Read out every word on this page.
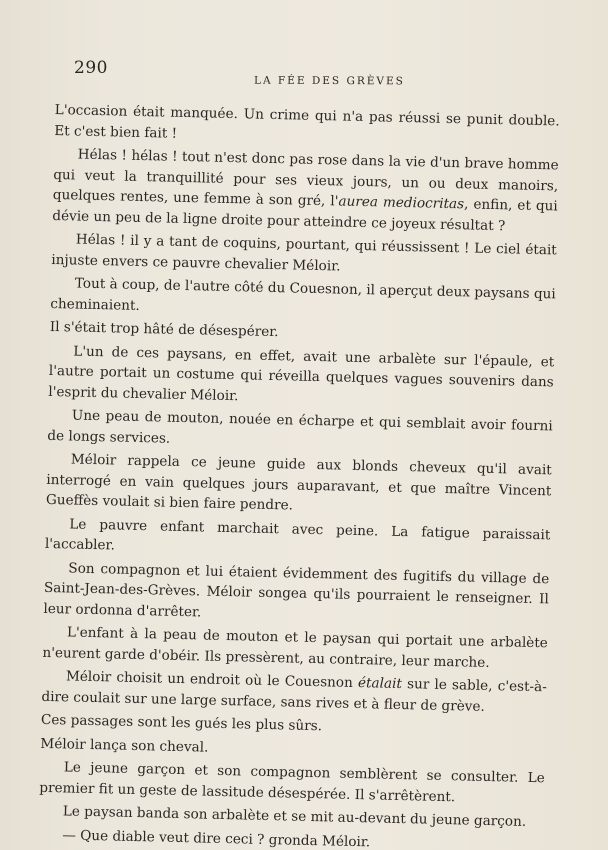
290
LA FÉE DES GRÈVES

L'occasion était manquée. Un crime qui n'a pas réussi se punit double. Et c'est bien fait !

Hélas ! hélas ! tout n'est donc pas rose dans la vie d'un brave homme qui veut la tranquillité pour ses vieux jours, un ou deux manoirs, quelques rentes, une femme à son gré, l'aurea mediocritas, enfin, et qui dévie un peu de la ligne droite pour atteindre ce joyeux résultat ?

Hélas ! il y a tant de coquins, pourtant, qui réussissent ! Le ciel était injuste envers ce pauvre chevalier Méloir.

Tout à coup, de l'autre côté du Couesnon, il aperçut deux paysans qui cheminaient.

Il s'était trop hâté de désespérer.

L'un de ces paysans, en effet, avait une arbalète sur l'épaule, et l'autre portait un costume qui réveilla quelques vagues souvenirs dans l'esprit du chevalier Méloir.

Une peau de mouton, nouée en écharpe et qui semblait avoir fourni de longs services.

Méloir rappela ce jeune guide aux blonds cheveux qu'il avait interrogé en vain quelques jours auparavant, et que maître Vincent Gueffès voulait si bien faire pendre.

Le pauvre enfant marchait avec peine. La fatigue paraissait l'accabler.

Son compagnon et lui étaient évidemment des fugitifs du village de Saint-Jean-des-Grèves. Méloir songea qu'ils pourraient le renseigner. Il leur ordonna d'arrêter.

L'enfant à la peau de mouton et le paysan qui portait une arbalète n'eurent garde d'obéir. Ils pressèrent, au contraire, leur marche.

Méloir choisit un endroit où le Couesnon étalait sur le sable, c'est-à-dire coulait sur une large surface, sans rives et à fleur de grève.

Ces passages sont les gués les plus sûrs.

Méloir lança son cheval.

Le jeune garçon et son compagnon semblèrent se consulter. Le premier fit un geste de lassitude désespérée. Il s'arrêtèrent.

Le paysan banda son arbalète et se mit au-devant du jeune garçon.

— Que diable veut dire ceci ? gronda Méloir.
